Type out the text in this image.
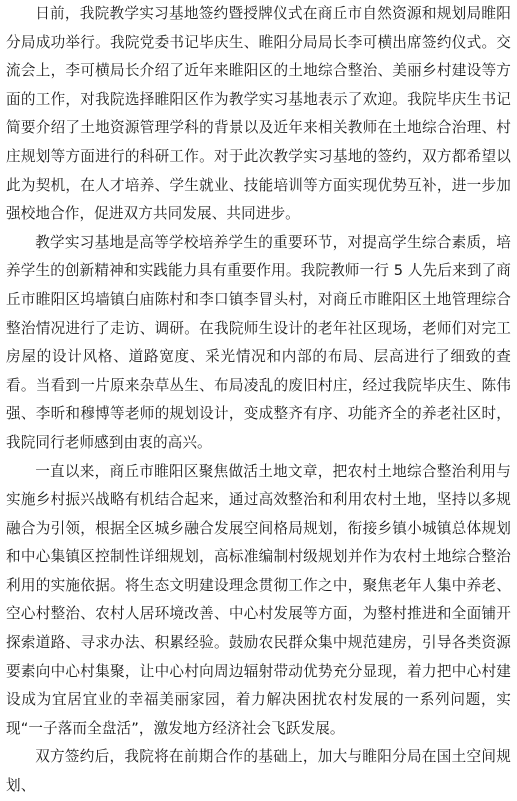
日前，我院教学实习基地签约暨授牌仪式在商丘市自然资源和规划局睢阳分局成功举行。我院党委书记毕庆生、睢阳分局局长李可横出席签约仪式。交流会上，李可横局长介绍了近年来睢阳区的土地综合整治、美丽乡村建设等方面的工作，对我院选择睢阳区作为教学实习基地表示了欢迎。我院毕庆生书记简要介绍了土地资源管理学科的背景以及近年来相关教师在土地综合治理、村庄规划等方面进行的科研工作。对于此次教学实习基地的签约，双方都希望以此为契机，在人才培养、学生就业、技能培训等方面实现优势互补，进一步加强校地合作，促进双方共同发展、共同进步。

教学实习基地是高等学校培养学生的重要环节，对提高学生综合素质，培养学生的创新精神和实践能力具有重要作用。我院教师一行 5 人先后来到了商丘市睢阳区坞墙镇白庙陈村和李口镇李冒头村，对商丘市睢阳区土地管理综合整治情况进行了走访、调研。在我院师生设计的老年社区现场，老师们对完工房屋的设计风格、道路宽度、采光情况和内部的布局、层高进行了细致的查看。当看到一片原来杂草丛生、布局凌乱的废旧村庄，经过我院毕庆生、陈伟强、李昕和穆博等老师的规划设计，变成整齐有序、功能齐全的养老社区时，我院同行老师感到由衷的高兴。

一直以来，商丘市睢阳区聚焦做活土地文章，把农村土地综合整治利用与实施乡村振兴战略有机结合起来，通过高效整治和利用农村土地，坚持以多规融合为引领，根据全区城乡融合发展空间格局规划，衔接乡镇小城镇总体规划和中心集镇区控制性详细规划，高标准编制村级规划并作为农村土地综合整治利用的实施依据。将生态文明建设理念贯彻工作之中，聚焦老年人集中养老、空心村整治、农村人居环境改善、中心村发展等方面，为整村推进和全面铺开探索道路、寻求办法、积累经验。鼓励农民群众集中规范建房，引导各类资源要素向中心村集聚，让中心村向周边辐射带动优势充分显现，着力把中心村建设成为宜居宜业的幸福美丽家园，着力解决困扰农村发展的一系列问题，实现“一子落而全盘活”，激发地方经济社会飞跃发展。

双方签约后，我院将在前期合作的基础上，加大与睢阳分局在国土空间规划、
